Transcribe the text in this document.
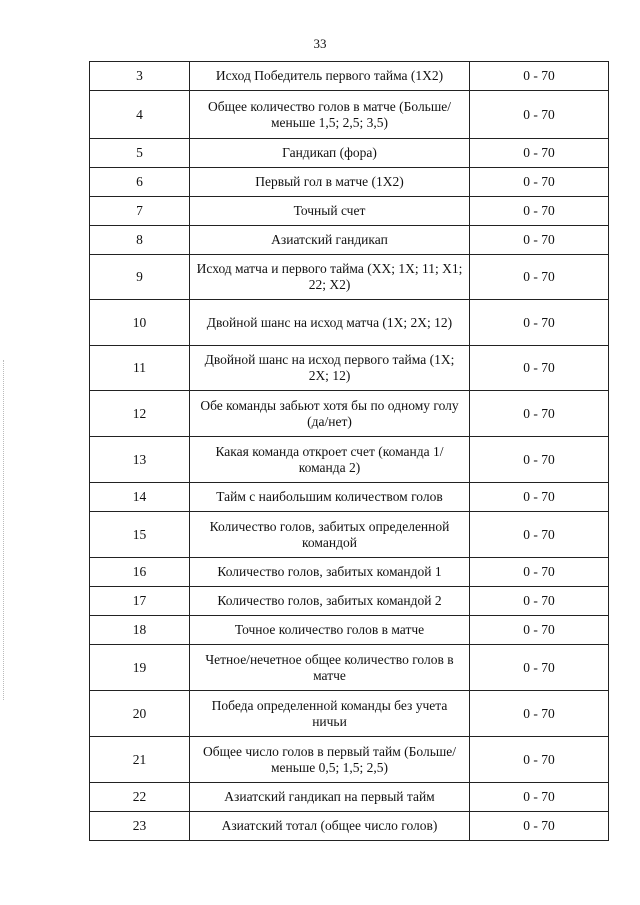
33
3	Исход Победитель первого тайма (1Х2)	0 - 70
4	Общее количество голов в матче (Больше/меньше 1,5; 2,5; 3,5)	0 - 70
5	Гандикап (фора)	0 - 70
6	Первый гол в матче (1Х2)	0 - 70
7	Точный счет	0 - 70
8	Азиатский гандикап	0 - 70
9	Исход матча и первого тайма (XX; 1X; 11; X1; 22; X2)	0 - 70
10	Двойной шанс на исход матча (1Х; 2Х; 12)	0 - 70
11	Двойной шанс на исход первого тайма (1Х; 2Х; 12)	0 - 70
12	Обе команды забьют хотя бы по одному голу (да/нет)	0 - 70
13	Какая команда откроет счет (команда 1/команда 2)	0 - 70
14	Тайм с наибольшим количеством голов	0 - 70
15	Количество голов, забитых определенной командой	0 - 70
16	Количество голов, забитых командой 1	0 - 70
17	Количество голов, забитых командой 2	0 - 70
18	Точное количество голов в матче	0 - 70
19	Четное/нечетное общее количество голов в матче	0 - 70
20	Победа определенной команды без учета ничьи	0 - 70
21	Общее число голов в первый тайм (Больше/меньше 0,5; 1,5; 2,5)	0 - 70
22	Азиатский гандикап на первый тайм	0 - 70
23	Азиатский тотал (общее число голов)	0 - 70
